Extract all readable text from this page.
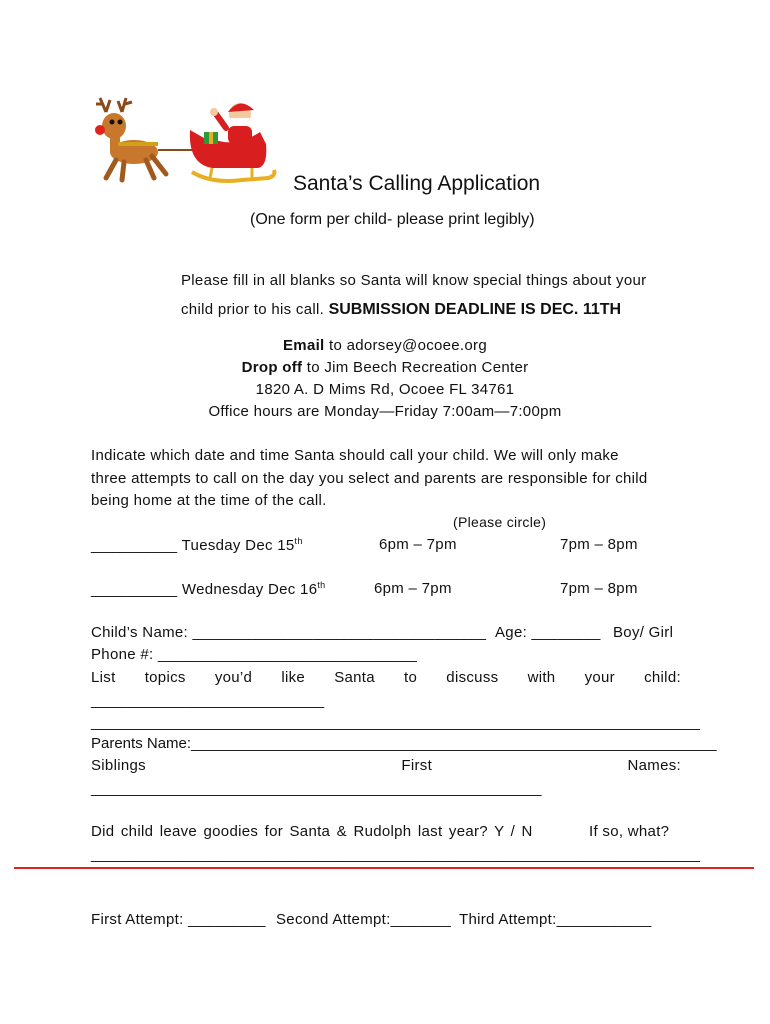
Santa’s Calling Application
(One form per child- please print legibly)
Please fill in all blanks so Santa will know special things about your
child prior to his call. SUBMISSION DEADLINE IS DEC. 11TH
Email to adorsey@ocoee.org
Drop off to Jim Beech Recreation Center
1820 A. D Mims Rd, Ocoee FL 34761
Office hours are Monday—Friday 7:00am—7:00pm
Indicate which date and time Santa should call your child. We will only make
three attempts to call on the day you select and parents are responsible for child
being home at the time of the call.
(Please circle)
__________ Tuesday Dec 15th	6pm – 7pm	7pm – 8pm
__________ Wednesday Dec 16th	6pm – 7pm	7pm – 8pm
Child’s Name: __________________________________ Age: ________ Boy/ Girl
Phone #: ______________________________
List topics you’d like Santa to discuss with your child:
___________________________
_________________________________________________________________________
Parents Name:_______________________________________________________________
Siblings	First	Names:
______________________________________________________
Did child leave goodies for Santa & Rudolph last year? Y / N	If so, what?
_________________________________________________________________________
First Attempt: _________ Second Attempt:_______ Third Attempt:___________
